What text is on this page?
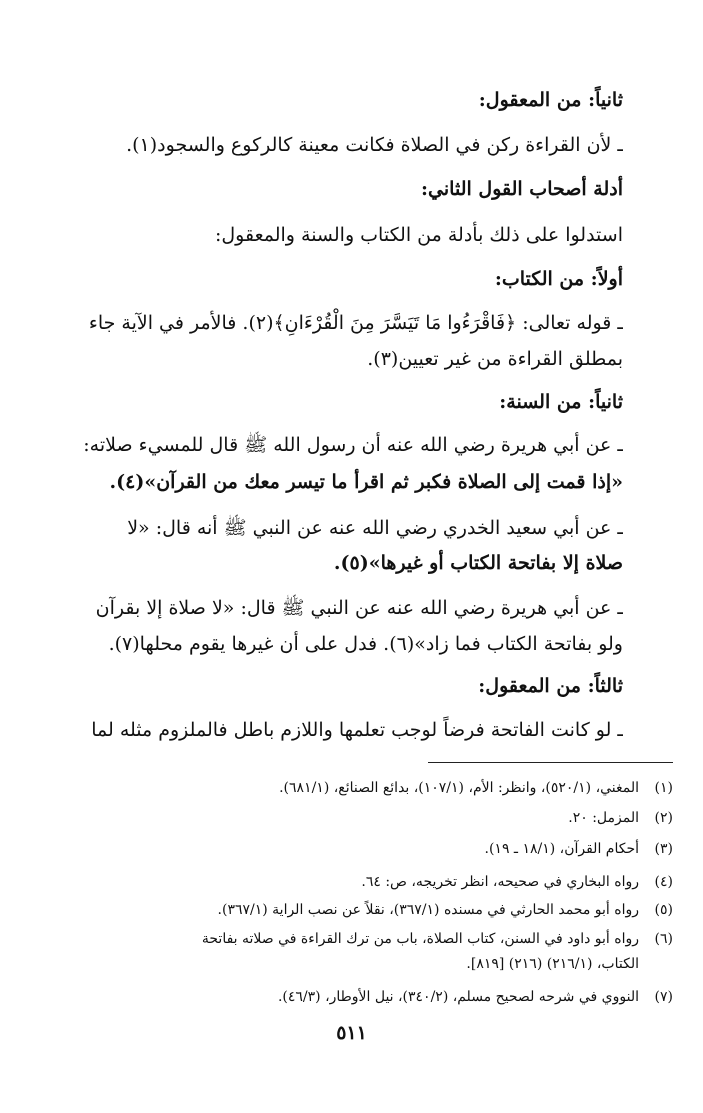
ثانياً: من المعقول:

ـ لأن القراءة ركن في الصلاة فكانت معينة كالركوع والسجود(١).

أدلة أصحاب القول الثاني:

استدلوا على ذلك بأدلة من الكتاب والسنة والمعقول:

أولاً: من الكتاب:

ـ قوله تعالى: ﴿فَاقْرَءُوا مَا تَيَسَّرَ مِنَ الْقُرْءَانِ﴾(٢). فالأمر في الآية جاء

بمطلق القراءة من غير تعيين(٣).

ثانياً: من السنة:

ـ عن أبي هريرة رضي الله عنه أن رسول الله ﷺ قال للمسيء صلاته:

«إذا قمت إلى الصلاة فكبر ثم اقرأ ما تيسر معك من القرآن»(٤).

ـ عن أبي سعيد الخدري رضي الله عنه عن النبي ﷺ أنه قال: «لا

صلاة إلا بفاتحة الكتاب أو غيرها»(٥).

ـ عن أبي هريرة رضي الله عنه عن النبي ﷺ قال: «لا صلاة إلا بقرآن

ولو بفاتحة الكتاب فما زاد»(٦). فدل على أن غيرها يقوم محلها(٧).

ثالثاً: من المعقول:

ـ لو كانت الفاتحة فرضاً لوجب تعلمها واللازم باطل فالملزوم مثله لما

(١)المغني، (٥٢٠/١)، وانظر: الأم، (١٠٧/١)، بدائع الصنائع، (٦٨١/١).

(٢)المزمل: ٢٠.

(٣)أحكام القرآن، (١٨/١ ـ ١٩).

(٤)رواه البخاري في صحيحه، انظر تخريجه، ص: ٦٤.

(٥)رواه أبو محمد الحارثي في مسنده (٣٦٧/١)، نقلاً عن نصب الراية (٣٦٧/١).

(٦)رواه أبو داود في السنن، كتاب الصلاة، باب من ترك القراءة في صلاته بفاتحة

الكتاب، (٢١٦/١) (٢١٦) [٨١٩].

(٧)النووي في شرحه لصحيح مسلم، (٣٤٠/٢)، نيل الأوطار، (٤٦/٣).

٥١١
